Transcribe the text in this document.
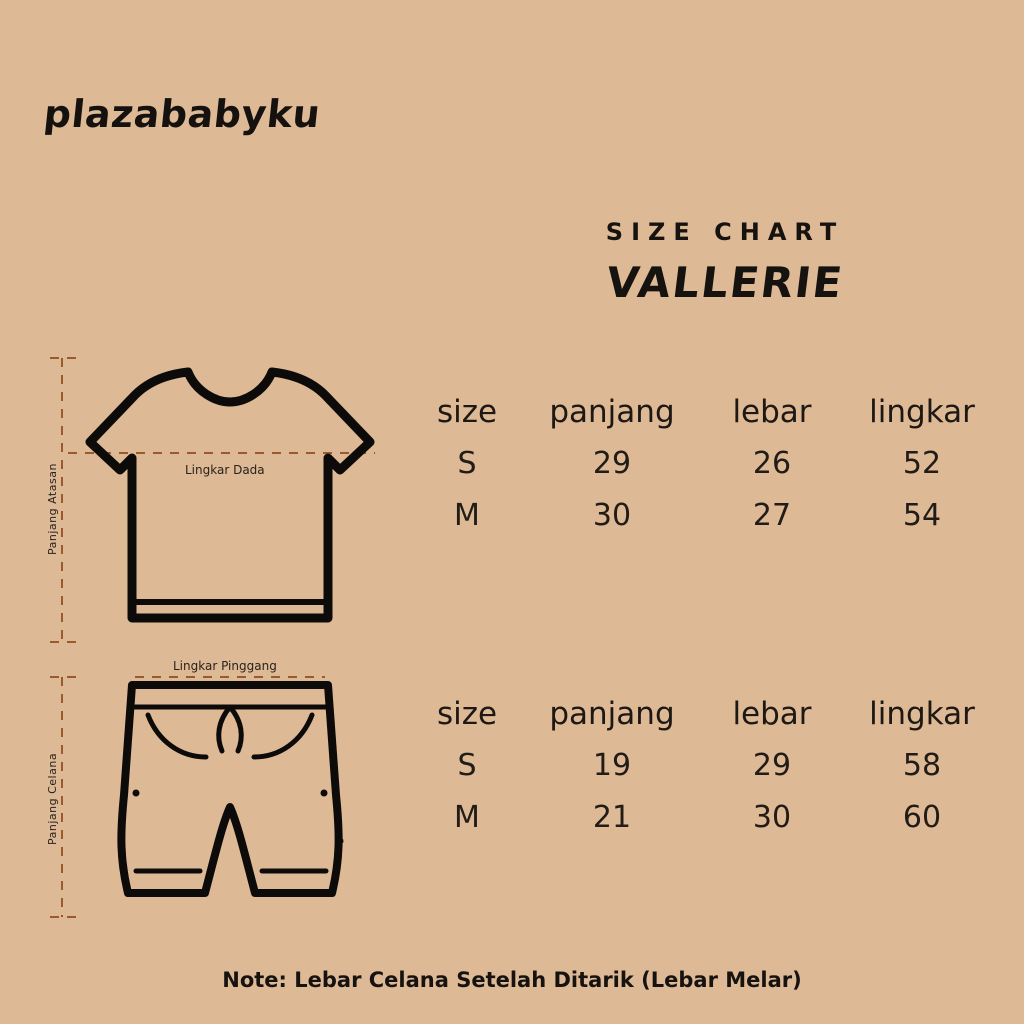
plazababyku
SIZE CHART
VALLERIE
Panjang Atasan	Lingkar Dada
Panjang Celana
Lingkar Pinggang
size	panjang	lebar	lingkar
S	29	26	52
M	30	27	54
size	panjang	lebar	lingkar
S	19	29	58
M	21	30	60
Note: Lebar Celana Setelah Ditarik (Lebar Melar)
